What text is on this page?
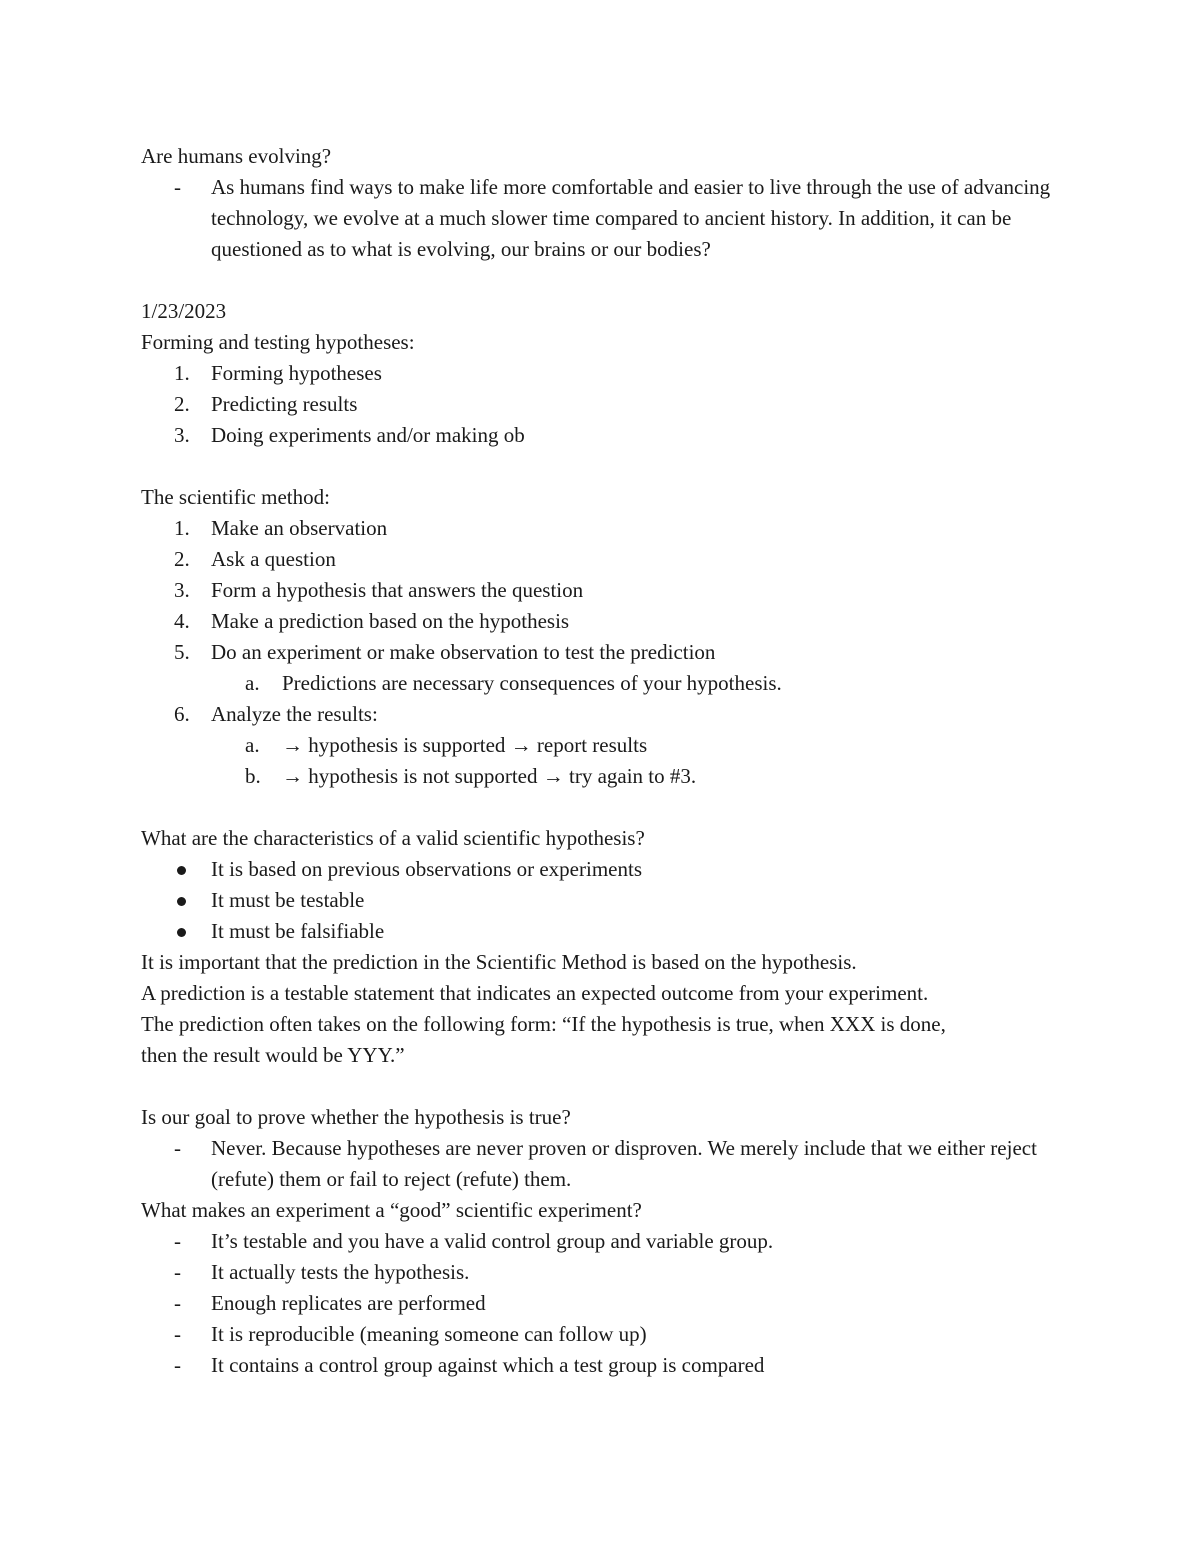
Are humans evolving?
-	As humans find ways to make life more comfortable and easier to live through the use of advancing technology, we evolve at a much slower time compared to ancient history. In addition, it can be questioned as to what is evolving, our brains or our bodies?
1/23/2023
Forming and testing hypotheses:
1.	Forming hypotheses
2.	Predicting results
3.	Doing experiments and/or making ob
The scientific method:
1.	Make an observation
2.	Ask a question
3.	Form a hypothesis that answers the question
4.	Make a prediction based on the hypothesis
5.	Do an experiment or make observation to test the prediction
a.	Predictions are necessary consequences of your hypothesis.
6.	Analyze the results:
a.	→ hypothesis is supported → report results
b.	→ hypothesis is not supported → try again to #3.
What are the characteristics of a valid scientific hypothesis?
It is based on previous observations or experiments
It must be testable
It must be falsifiable
It is important that the prediction in the Scientific Method is based on the hypothesis.
A prediction is a testable statement that indicates an expected outcome from your experiment.
The prediction often takes on the following form: “If the hypothesis is true, when XXX is done,
then the result would be YYY.”
Is our goal to prove whether the hypothesis is true?
-	Never. Because hypotheses are never proven or disproven. We merely include that we either reject (refute) them or fail to reject (refute) them.
What makes an experiment a “good” scientific experiment?
-	It’s testable and you have a valid control group and variable group.
-	It actually tests the hypothesis.
-	Enough replicates are performed
-	It is reproducible (meaning someone can follow up)
-	It contains a control group against which a test group is compared
